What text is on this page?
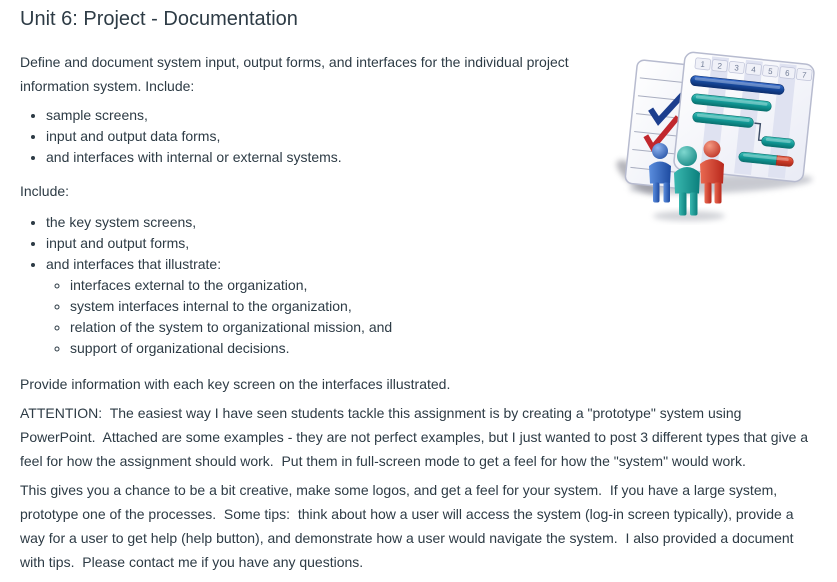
Unit 6: Project - Documentation
1 2 3 4 5 6 7

Define and document system input, output forms, and interfaces for the individual project information system. Include:

• sample screens,
• input and output data forms,
• and interfaces with internal or external systems.

Include:

• the key system screens,
• input and output forms,
• and interfaces that illustrate:
◦ interfaces external to the organization,
◦ system interfaces internal to the organization,
◦ relation of the system to organizational mission, and
◦ support of organizational decisions.

Provide information with each key screen on the interfaces illustrated.

ATTENTION:  The easiest way I have seen students tackle this assignment is by creating a "prototype" system using PowerPoint.  Attached are some examples - they are not perfect examples, but I just wanted to post 3 different types that give a feel for how the assignment should work.  Put them in full-screen mode to get a feel for how the "system" would work.

This gives you a chance to be a bit creative, make some logos, and get a feel for your system.  If you have a large system, prototype one of the processes.  Some tips:  think about how a user will access the system (log-in screen typically), provide a way for a user to get help (help button), and demonstrate how a user would navigate the system.  I also provided a document with tips.  Please contact me if you have any questions.
